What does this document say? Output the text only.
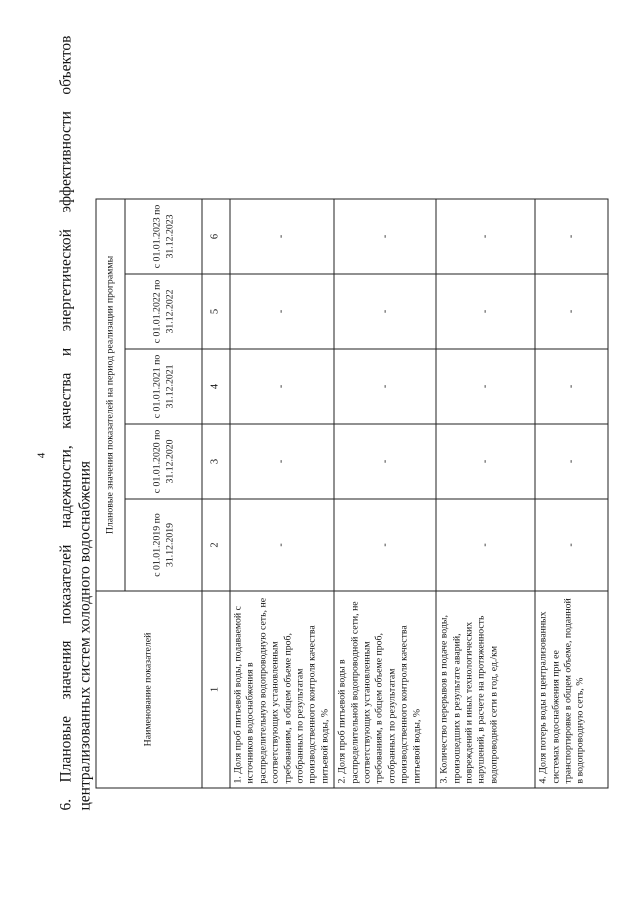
4 6. Плановые значения показателей надежности, качества и энергетической эффективности объектов централизованных систем холодного водоснабжения	Наименование показателей	Плановые значения показателей на период реализации программы				
	с 01.01.2019 по 31.12.2019	с 01.01.2020 по 31.12.2020	с 01.01.2021 по 31.12.2021	с 01.01.2022 по 31.12.2022	с 01.01.2023 по 31.12.2023
1	2	3	4	5	6
1. Доля проб питьевой воды, подаваемой с источников водоснабжения в распределительную водопроводную сеть, не соответствующих установленным требованиям, в общем объеме проб, отобранных по результатам производственного контроля качества питьевой воды, %	-	-	-	-	-
2. Доля проб питьевой воды в распределительной водопроводной сети, не соответствующих установленным требованиям, в общем объеме проб, отобранных по результатам производственного контроля качества питьевой воды, %	-	-	-	-	-
3. Количество перерывов в подаче воды, произошедших в результате аварий, повреждений и иных технологических нарушений, в расчете на протяженность водопроводной сети в год, ед./км	-	-	-	-	-
4. Доля потерь воды в централизованных системах водоснабжения при ее транспортировке в общем объеме, поданной в водопроводную сеть, %	-	-	-	-	-
